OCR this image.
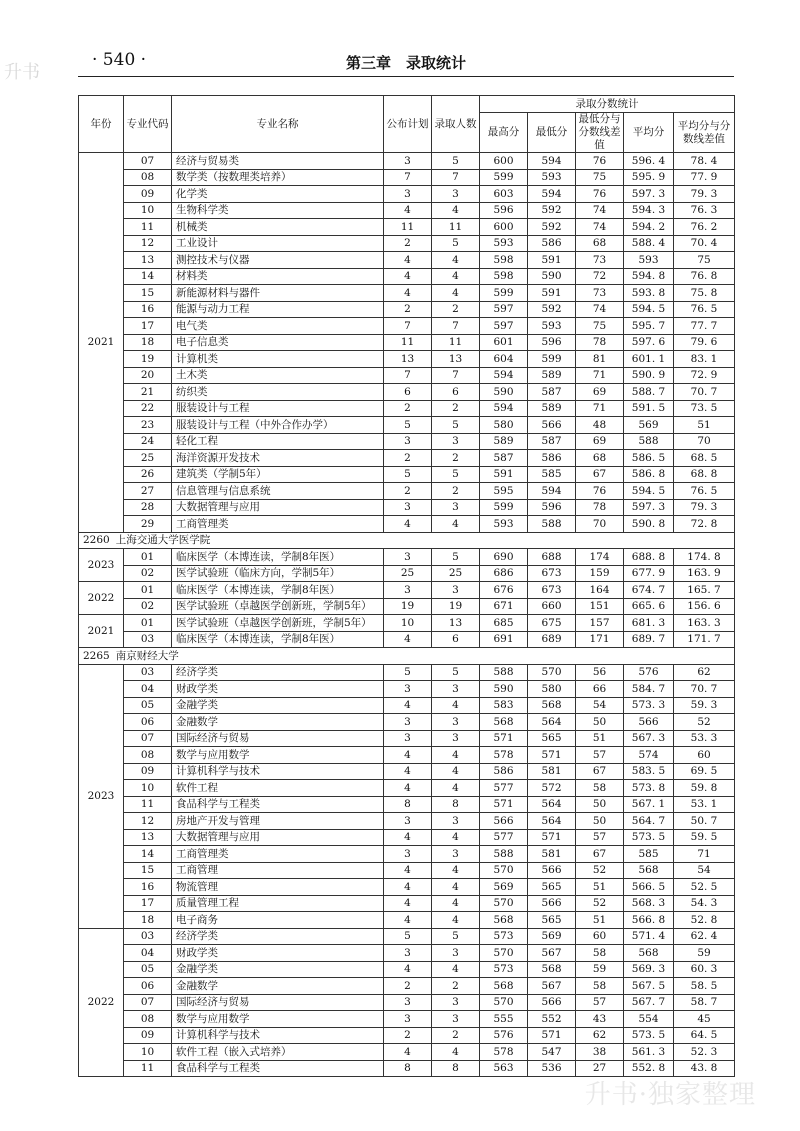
升书
· 540 ·	第三章　录取统计
年份	专业代码	专业名称	公布计划	录取人数	录取分数统计				
					最高分	最低分	最低分与分数线差值	平均分	平均分与分数线差值
2021	07	经济与贸易类	3	5	600	594	76	596. 4	78. 4
	08	数学类（按数理类培养）	7	7	599	593	75	595. 9	77. 9
	09	化学类	3	3	603	594	76	597. 3	79. 3
	10	生物科学类	4	4	596	592	74	594. 3	76. 3
	11	机械类	11	11	600	592	74	594. 2	76. 2
	12	工业设计	2	5	593	586	68	588. 4	70. 4
	13	测控技术与仪器	4	4	598	591	73	593	75
	14	材料类	4	4	598	590	72	594. 8	76. 8
	15	新能源材料与器件	4	4	599	591	73	593. 8	75. 8
	16	能源与动力工程	2	2	597	592	74	594. 5	76. 5
	17	电气类	7	7	597	593	75	595. 7	77. 7
	18	电子信息类	11	11	601	596	78	597. 6	79. 6
	19	计算机类	13	13	604	599	81	601. 1	83. 1
	20	土木类	7	7	594	589	71	590. 9	72. 9
	21	纺织类	6	6	590	587	69	588. 7	70. 7
	22	服装设计与工程	2	2	594	589	71	591. 5	73. 5
	23	服装设计与工程（中外合作办学）	5	5	580	566	48	569	51
	24	轻化工程	3	3	589	587	69	588	70
	25	海洋资源开发技术	2	2	587	586	68	586. 5	68. 5
	26	建筑类（学制5年）	5	5	591	585	67	586. 8	68. 8
	27	信息管理与信息系统	2	2	595	594	76	594. 5	76. 5
	28	大数据管理与应用	3	3	599	596	78	597. 3	79. 3
	29	工商管理类	4	4	593	588	70	590. 8	72. 8
2260 上海交通大学医学院									
2023	01	临床医学（本博连读，学制8年医）	3	5	690	688	174	688. 8	174. 8
	02	医学试验班（临床方向，学制5年）	25	25	686	673	159	677. 9	163. 9
2022	01	临床医学（本博连读，学制8年医）	3	3	676	673	164	674. 7	165. 7
	02	医学试验班（卓越医学创新班，学制5年）	19	19	671	660	151	665. 6	156. 6
2021	01	医学试验班（卓越医学创新班，学制5年）	10	13	685	675	157	681. 3	163. 3
	03	临床医学（本博连读，学制8年医）	4	6	691	689	171	689. 7	171. 7
2265 南京财经大学									
2023	03	经济学类	5	5	588	570	56	576	62
	04	财政学类	3	3	590	580	66	584. 7	70. 7
	05	金融学类	4	4	583	568	54	573. 3	59. 3
	06	金融数学	3	3	568	564	50	566	52
	07	国际经济与贸易	3	3	571	565	51	567. 3	53. 3
	08	数学与应用数学	4	4	578	571	57	574	60
	09	计算机科学与技术	4	4	586	581	67	583. 5	69. 5
	10	软件工程	4	4	577	572	58	573. 8	59. 8
	11	食品科学与工程类	8	8	571	564	50	567. 1	53. 1
	12	房地产开发与管理	3	3	566	564	50	564. 7	50. 7
	13	大数据管理与应用	4	4	577	571	57	573. 5	59. 5
	14	工商管理类	3	3	588	581	67	585	71
	15	工商管理	4	4	570	566	52	568	54
	16	物流管理	4	4	569	565	51	566. 5	52. 5
	17	质量管理工程	4	4	570	566	52	568. 3	54. 3
	18	电子商务	4	4	568	565	51	566. 8	52. 8
2022	03	经济学类	5	5	573	569	60	571. 4	62. 4
	04	财政学类	3	3	570	567	58	568	59
	05	金融学类	4	4	573	568	59	569. 3	60. 3
	06	金融数学	2	2	568	567	58	567. 5	58. 5
	07	国际经济与贸易	3	3	570	566	57	567. 7	58. 7
	08	数学与应用数学	3	3	555	552	43	554	45
	09	计算机科学与技术	2	2	576	571	62	573. 5	64. 5
	10	软件工程（嵌入式培养）	4	4	578	547	38	561. 3	52. 3
	11	食品科学与工程类	8	8	563	536	27	552. 8	43. 8
升书·独家整理
